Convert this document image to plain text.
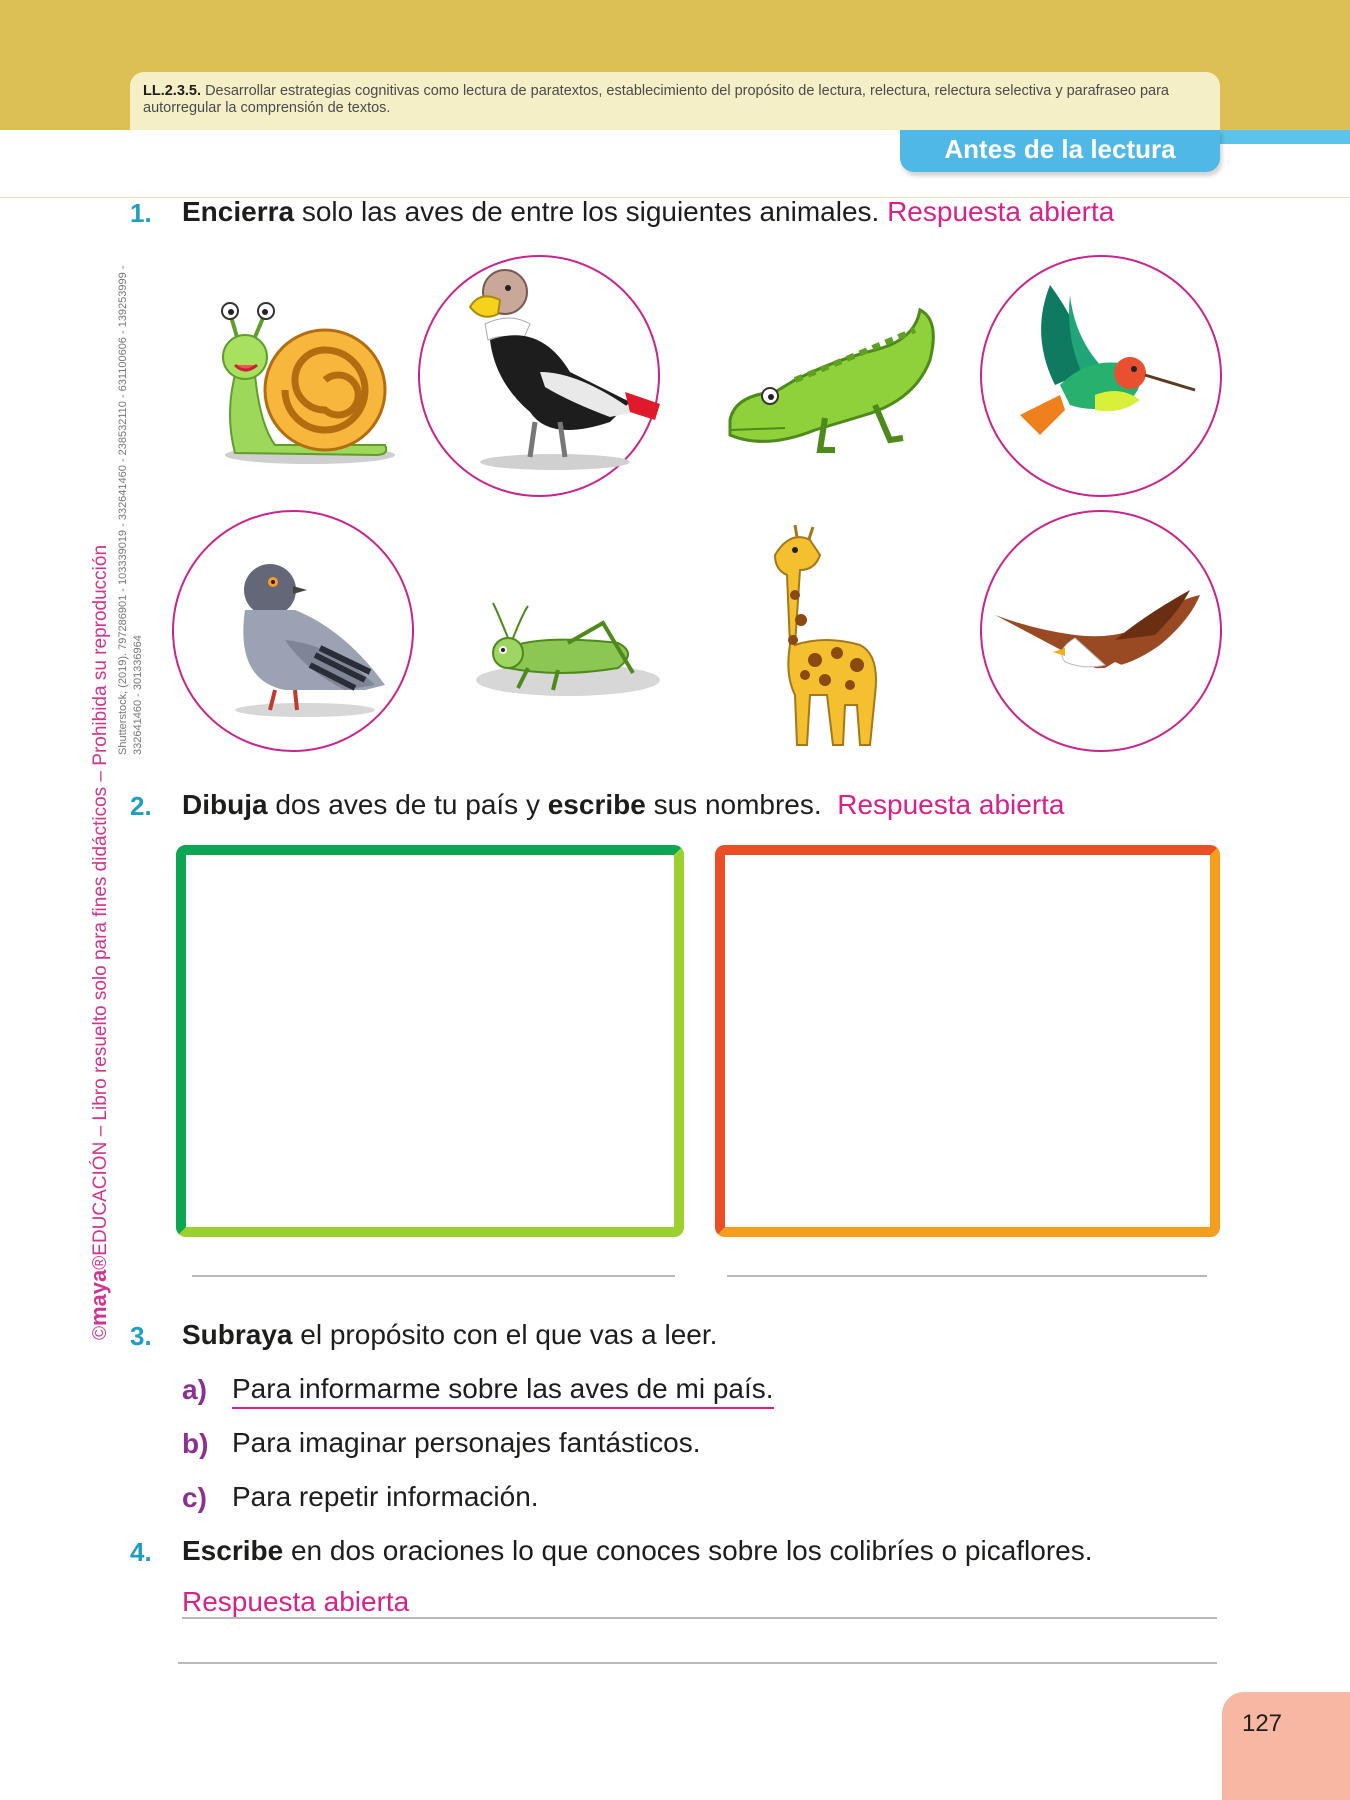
LL.2.3.5. Desarrollar estrategias cognitivas como lectura de paratextos, establecimiento del propósito de lectura, relectura, relectura selectiva y parafraseo para autorregular la comprensión de textos.
Antes de la lectura
©maya®EDUCACIÓN – Libro resuelto solo para fines didácticos – Prohibida su reproducción
Shutterstock, (2019). 797286901 - 103339019 - 332641460 - 238532110 - 631100606 - 139253999 - 332641460 - 301336964
1. Encierra solo las aves de entre los siguientes animales. Respuesta abierta
2. Dibuja dos aves de tu país y escribe sus nombres. Respuesta abierta
3. Subraya el propósito con el que vas a leer.
a) Para informarme sobre las aves de mi país.
b) Para imaginar personajes fantásticos.
c) Para repetir información.
4. Escribe en dos oraciones lo que conoces sobre los colibríes o picaflores.
Respuesta abierta
127
